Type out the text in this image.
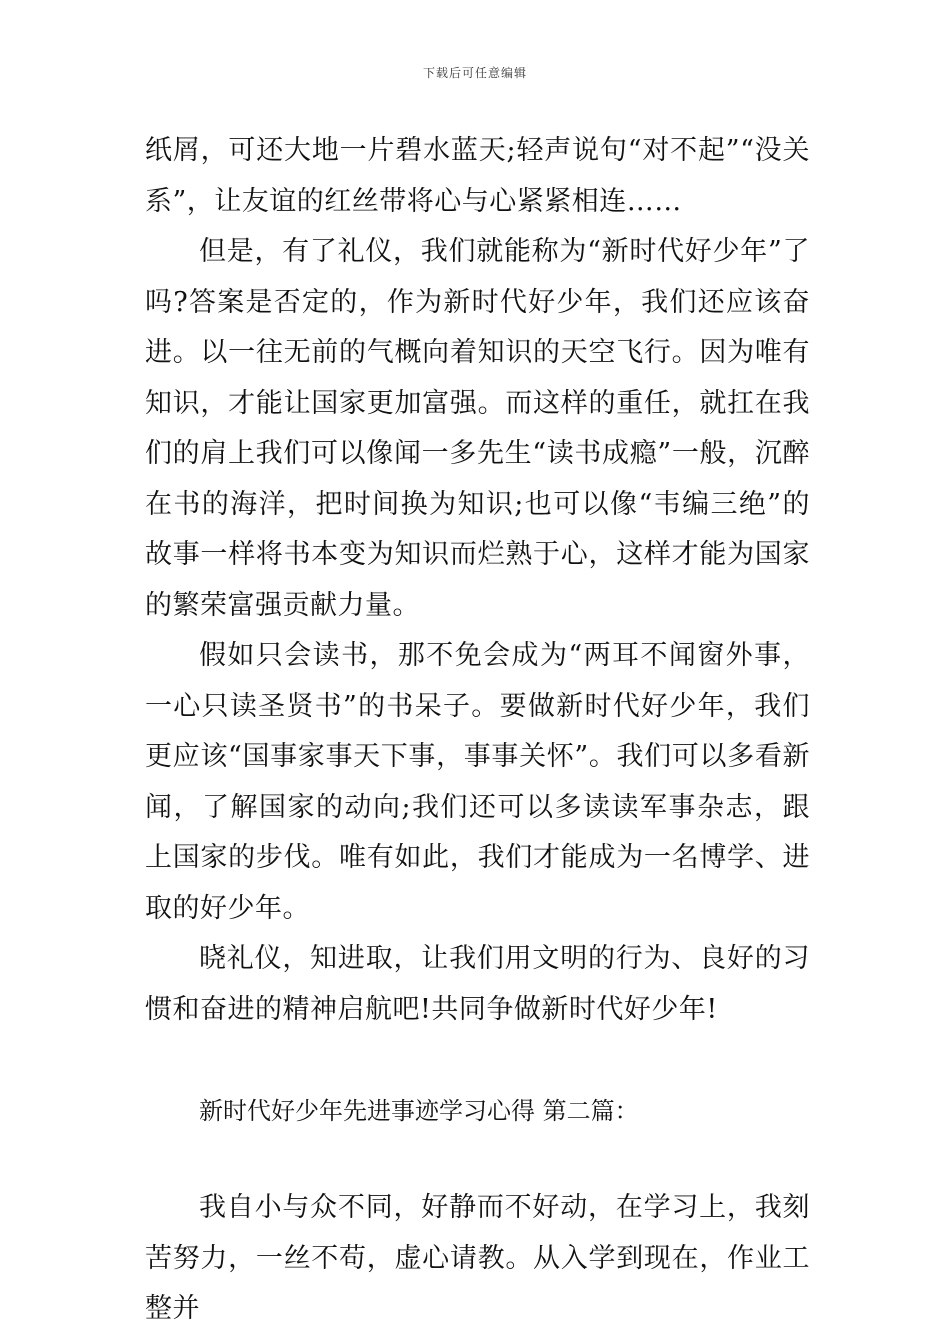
下载后可任意编辑

纸屑，可还大地一片碧水蓝天;轻声说句“对不起”“没关系”，让友谊的红丝带将心与心紧紧相连……

但是，有了礼仪，我们就能称为“新时代好少年”了吗?答案是否定的，作为新时代好少年，我们还应该奋进。以一往无前的气概向着知识的天空飞行。因为唯有知识，才能让国家更加富强。而这样的重任，就扛在我们的肩上我们可以像闻一多先生“读书成瘾”一般，沉醉在书的海洋，把时间换为知识;也可以像“韦编三绝”的故事一样将书本变为知识而烂熟于心，这样才能为国家的繁荣富强贡献力量。

假如只会读书，那不免会成为“两耳不闻窗外事，一心只读圣贤书”的书呆子。要做新时代好少年，我们更应该“国事家事天下事，事事关怀”。我们可以多看新闻，了解国家的动向;我们还可以多读读军事杂志，跟上国家的步伐。唯有如此，我们才能成为一名博学、进取的好少年。

晓礼仪，知进取，让我们用文明的行为、良好的习惯和奋进的精神启航吧!共同争做新时代好少年!

新时代好少年先进事迹学习心得 第二篇：

我自小与众不同，好静而不好动，在学习上，我刻苦努力，一丝不苟，虚心请教。从入学到现在，作业工整并
